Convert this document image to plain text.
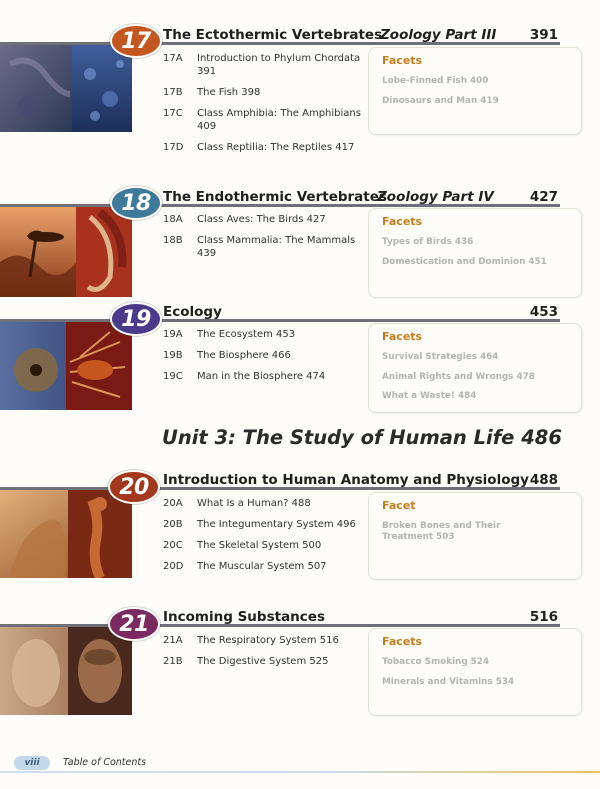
17 The Ectothermic Vertebrates
Zoology Part III 391
17A	Introduction to Phylum Chordata 391
17B	The Fish 398
17C	Class Amphibia: The Amphibians 409
17D	Class Reptilia: The Reptiles 417
Facets
Lobe-Finned Fish 400
Dinosaurs and Man 419
18 The Endothermic Vertebrates
Zoology Part IV	427
18A	Class Aves: The Birds 427
18B	Class Mammalia: The Mammals 439
Facets
Types of Birds 436
Domestication and Dominion 451
19 Ecology	453
19A	The Ecosystem 453
19B	The Biosphere 466
19C	Man in the Biosphere 474
Facets
Survival Strategies 464
Animal Rights and Wrongs 478
What a Waste! 484
Unit 3: The Study of Human Life 486
20	Introduction to Human Anatomy and Physiology 488
20A	What Is a Human? 488
20B	The Integumentary System 496
20C	The Skeletal System 500
20D	The Muscular System 507
Facet
Broken Bones and Their Treatment 503
21	Incoming Substances	516
21A	The Respiratory System 516
21B	The Digestive System 525
Facets
Tobacco Smoking 524
Minerals and Vitamins 534
viii	Table of Contents
